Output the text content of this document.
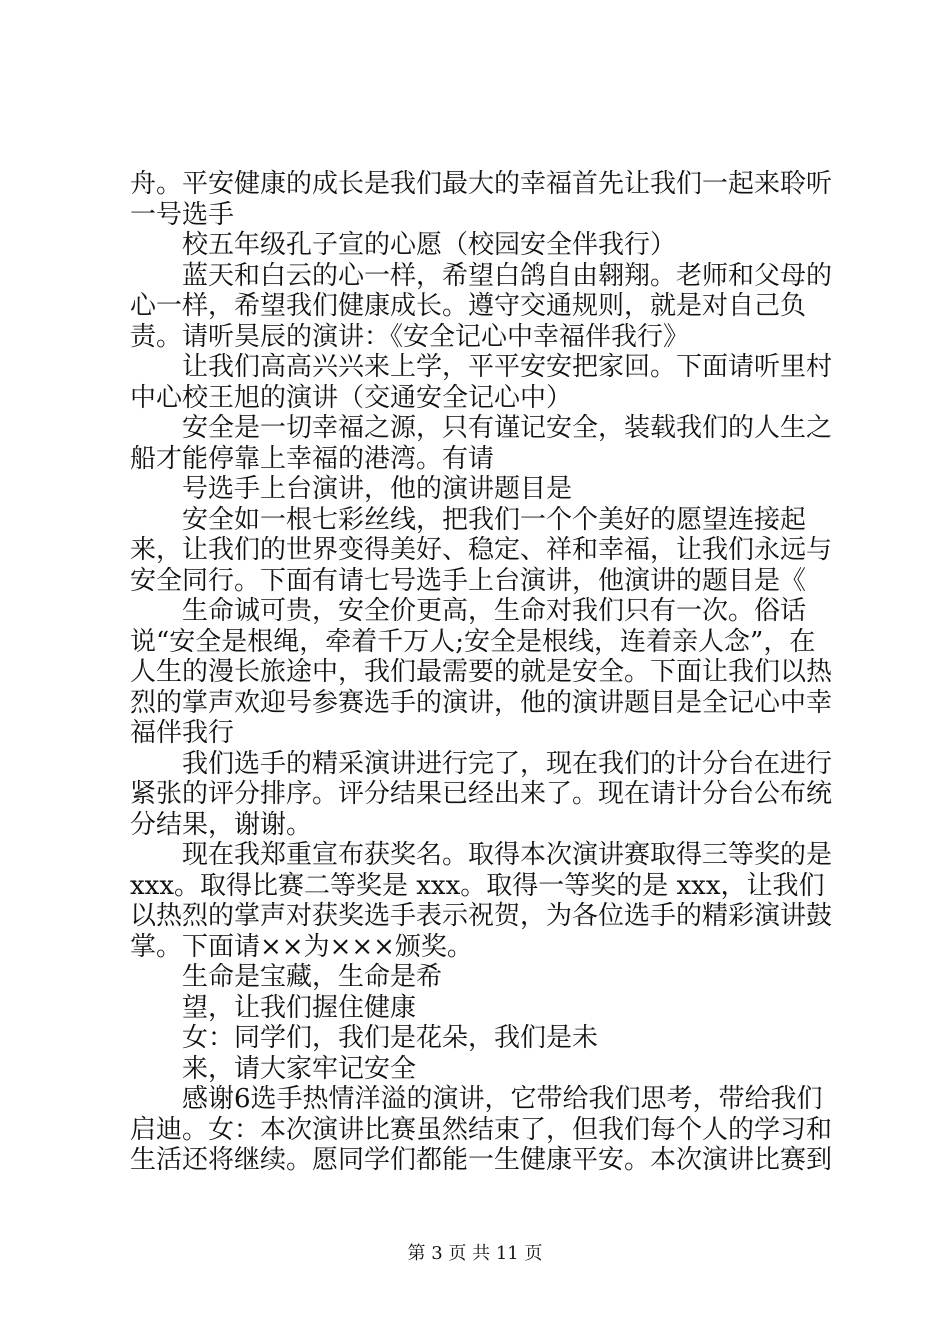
舟。平安健康的成长是我们最大的幸福首先让我们一起来聆听一号选手

校五年级孔子宣的心愿（校园安全伴我行）

蓝天和白云的心一样，希望白鸽自由翱翔。老师和父母的心一样，希望我们健康成长。遵守交通规则，就是对自己负责。请听昊辰的演讲：《安全记心中幸福伴我行》

让我们高高兴兴来上学，平平安安把家回。下面请听里村中心校王旭的演讲（交通安全记心中）

安全是一切幸福之源，只有谨记安全，装载我们的人生之船才能停靠上幸福的港湾。有请

号选手上台演讲，他的演讲题目是

安全如一根七彩丝线，把我们一个个美好的愿望连接起来，让我们的世界变得美好、稳定、祥和幸福，让我们永远与安全同行。下面有请七号选手上台演讲，他演讲的题目是《

生命诚可贵，安全价更高，生命对我们只有一次。俗话说“安全是根绳，牵着千万人;安全是根线，连着亲人念”，在人生的漫长旅途中，我们最需要的就是安全。下面让我们以热烈的掌声欢迎号参赛选手的演讲，他的演讲题目是全记心中幸福伴我行

我们选手的精采演讲进行完了，现在我们的计分台在进行紧张的评分排序。评分结果已经出来了。现在请计分台公布统分结果，谢谢。

现在我郑重宣布获奖名。取得本次演讲赛取得三等奖的是xxx。取得比赛二等奖是 xxx。取得一等奖的是 xxx，让我们以热烈的掌声对获奖选手表示祝贺，为各位选手的精彩演讲鼓掌。下面请××为×××颁奖。

生命是宝藏，生命是希

望，让我们握住健康

女：同学们，我们是花朵，我们是未

来，请大家牢记安全

感谢6选手热情洋溢的演讲，它带给我们思考，带给我们启迪。女：本次演讲比赛虽然结束了，但我们每个人的学习和生活还将继续。愿同学们都能一生健康平安。本次演讲比赛到

第 3 页 共 11 页
